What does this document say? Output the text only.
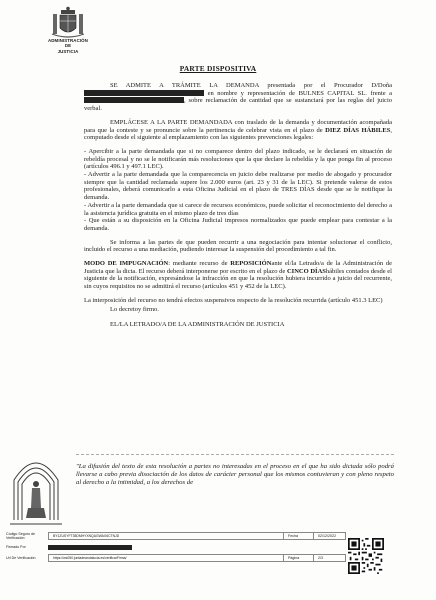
ADMINISTRACIÓN
DE
JUSTICIA
PARTE DISPOSITIVA

SE ADMITE A TRÁMITE LA DEMANDA presentada por el Procurador D/Doña  en nombre y representación de BULNES CAPITAL SL. frente a , sobre reclamación de cantidad que se sustanciará por las reglas del juicio verbal.

EMPLÁCESE A LA PARTE DEMANDADA con traslado de la demanda y documentación acompañada para que la conteste y se pronuncie sobre la pertinencia de celebrar vista en el plazo de DIEZ DÍAS HÁBILES, computado desde el siguiente al emplazamiento con las siguientes prevenciones legales:

- Apercibir a la parte demandada que si no comparece dentro del plazo indicado, se le declarará en situación de rebeldía procesal y no se le notificarán más resoluciones que la que declare la rebeldía y la que ponga fin al proceso (artículos 496.1 y 497.1 LEC).

- Advertir a la parte demandada que la comparecencia en juicio debe realizarse por medio de abogado y procurador siempre que la cantidad reclamada supere los 2.000 euros (art. 23 y 31 de la LEC). Si pretende valerse de estos profesionales, deberá comunicarlo a esta Oficina Judicial en el plazo de TRES DÍAS desde que se le notifique la demanda.

- Advertir a la parte demandada que si carece de recursos económicos, puede solicitar el reconocimiento del derecho a la asistencia jurídica gratuita en el mismo plazo de tres días

- Que están a su disposición en la Oficina Judicial impresos normalizados que puede emplear para contestar a la demanda.

Se informa a las partes de que pueden recurrir a una negociación para intentar solucionar el conflicto, incluido el recurso a una mediación, pudiendo interesar la suspensión del procedimiento a tal fin.

MODO DE IMPUGNACIÓN: mediante recurso de REPOSICIÓNante el/la Letrado/a de la Administración de Justicia que la dicta. El recurso deberá interponerse por escrito en el plazo de CINCO DÍAShábiles contados desde el siguiente de la notificación, expresándose la infracción en que la resolución hubiera incurrido a juicio del recurrente, sin cuyos requisitos no se admitirá el recurso (artículos 451 y 452 de la LEC).

La interposición del recurso no tendrá efectos suspensivos respecto de la resolución recurrida (artículo 451.3 LEC)

Lo decretoy firmo.

EL/LA LETRADO/A DE LA ADMINISTRACIÓN DE JUSTICIA

"La difusión del texto de esta resolución a partes no interesadas en el proceso en el que ha sido dictada sólo podrá llevarse a cabo previa disociación de los datos de carácter personal que los mismos contuvieran y con pleno respeto al derecho a la intimidad, a los derechos de
Código Seguro de Verificación:	BY1ZUSYFT35DMHYXNQAGWAX6CTNJD	Fecha	02/12/2022
Firmado Por
Url De Verificación	https://ws050.juntadeandalucia.es/verificarFirma/	Página	2/3
